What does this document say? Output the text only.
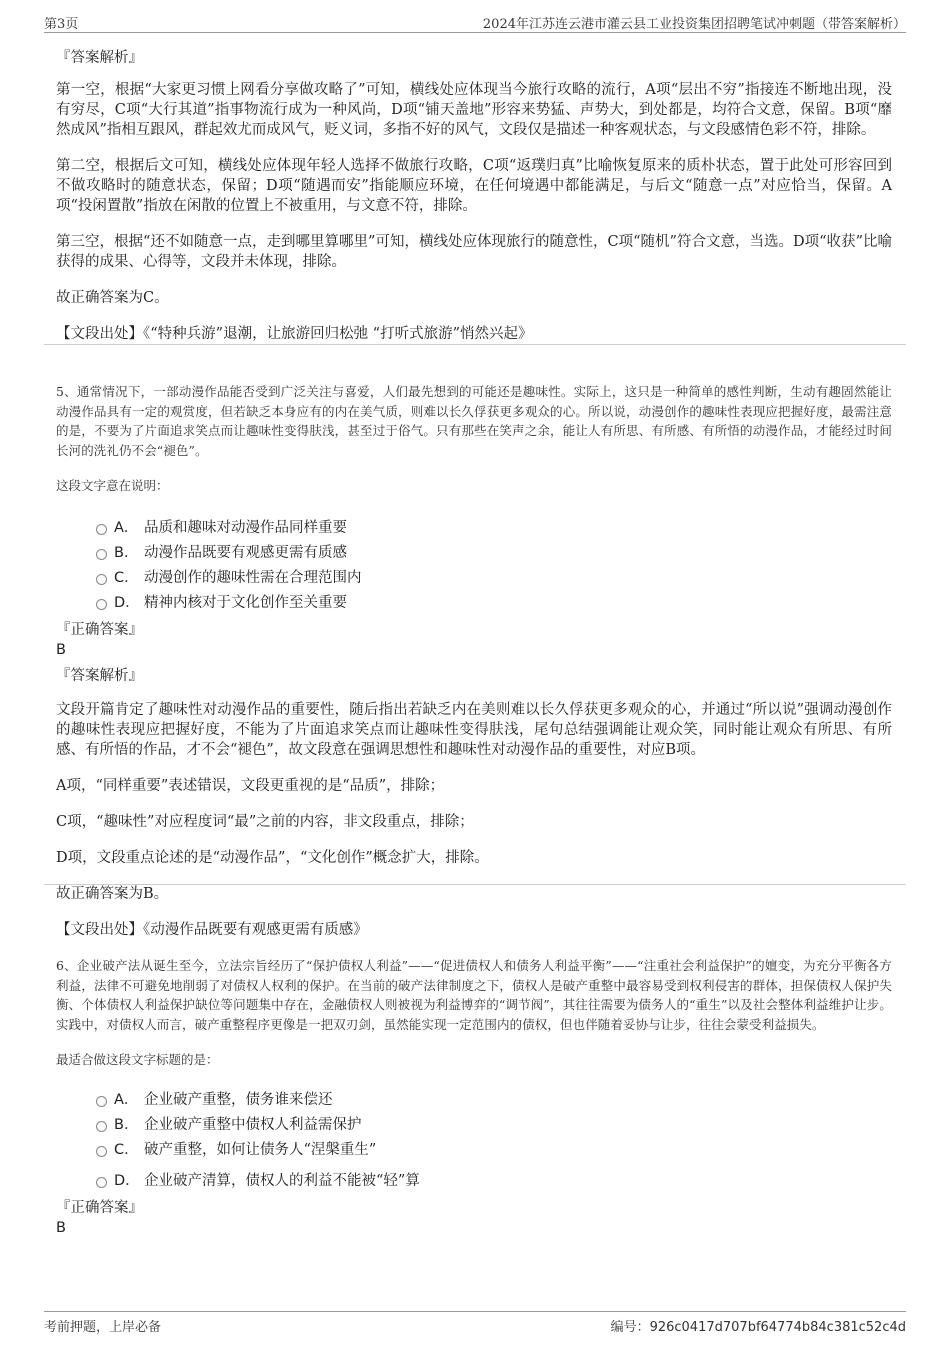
第3页	2024年江苏连云港市灌云县工业投资集团招聘笔试冲刺题（带答案解析）

『答案解析』

第一空，根据“大家更习惯上网看分享做攻略了”可知，横线处应体现当今旅行攻略的流行，A项“层出不穷”指接连不断地出现，没有穷尽，C项“大行其道”指事物流行成为一种风尚，D项“铺天盖地”形容来势猛、声势大，到处都是，均符合文意，保留。B项“靡然成风”指相互跟风，群起效尤而成风气，贬义词，多指不好的风气，文段仅是描述一种客观状态，与文段感情色彩不符，排除。

第二空，根据后文可知，横线处应体现年轻人选择不做旅行攻略，C项“返璞归真”比喻恢复原来的质朴状态，置于此处可形容回到不做攻略时的随意状态，保留；D项“随遇而安”指能顺应环境，在任何境遇中都能满足，与后文“随意一点”对应恰当，保留。A项“投闲置散”指放在闲散的位置上不被重用，与文意不符，排除。

第三空，根据“还不如随意一点，走到哪里算哪里”可知，横线处应体现旅行的随意性，C项“随机”符合文意，当选。D项“收获”比喻获得的成果、心得等，文段并未体现，排除。

故正确答案为C。

【文段出处】《“特种兵游”退潮，让旅游回归松弛 “打听式旅游”悄然兴起》

5、通常情况下，一部动漫作品能否受到广泛关注与喜爱，人们最先想到的可能还是趣味性。实际上，这只是一种简单的感性判断，生动有趣固然能让动漫作品具有一定的观赏度，但若缺乏本身应有的内在美气质，则难以长久俘获更多观众的心。所以说，动漫创作的趣味性表现应把握好度，最需注意的是，不要为了片面追求笑点而让趣味性变得肤浅，甚至过于俗气。只有那些在笑声之余，能让人有所思、有所感、有所悟的动漫作品，才能经过时间长河的洗礼仍不会“褪色”。

这段文字意在说明：

A． 品质和趣味对动漫作品同样重要
B． 动漫作品既要有观感更需有质感
C． 动漫创作的趣味性需在合理范围内
D． 精神内核对于文化创作至关重要

『正确答案』

B

『答案解析』

文段开篇肯定了趣味性对动漫作品的重要性，随后指出若缺乏内在美则难以长久俘获更多观众的心，并通过“所以说”强调动漫创作的趣味性表现应把握好度，不能为了片面追求笑点而让趣味性变得肤浅，尾句总结强调能让观众笑，同时能让观众有所思、有所感、有所悟的作品，才不会“褪色”，故文段意在强调思想性和趣味性对动漫作品的重要性，对应B项。

A项，“同样重要”表述错误，文段更重视的是“品质”，排除；

C项，“趣味性”对应程度词“最”之前的内容，非文段重点，排除；

D项，文段重点论述的是“动漫作品”，“文化创作”概念扩大，排除。

故正确答案为B。

【文段出处】《动漫作品既要有观感更需有质感》

6、企业破产法从诞生至今，立法宗旨经历了“保护债权人利益”——“促进债权人和债务人利益平衡”——“注重社会利益保护”的嬗变，为充分平衡各方利益，法律不可避免地削弱了对债权人权利的保护。在当前的破产法律制度之下，债权人是破产重整中最容易受到权利侵害的群体，担保债权人保护失衡、个体债权人利益保护缺位等问题集中存在，金融债权人则被视为利益博弈的“调节阀”，其往往需要为债务人的“重生”以及社会整体利益维护让步。实践中，对债权人而言，破产重整程序更像是一把双刃剑，虽然能实现一定范围内的债权，但也伴随着妥协与让步，往往会蒙受利益损失。

最适合做这段文字标题的是：

A． 企业破产重整，债务谁来偿还
B． 企业破产重整中债权人利益需保护
C． 破产重整，如何让债务人“涅槃重生”
D． 企业破产清算，债权人的利益不能被“轻”算

『正确答案』

B

考前押题，上岸必备	编号：926c0417d707bf64774b84c381c52c4d
